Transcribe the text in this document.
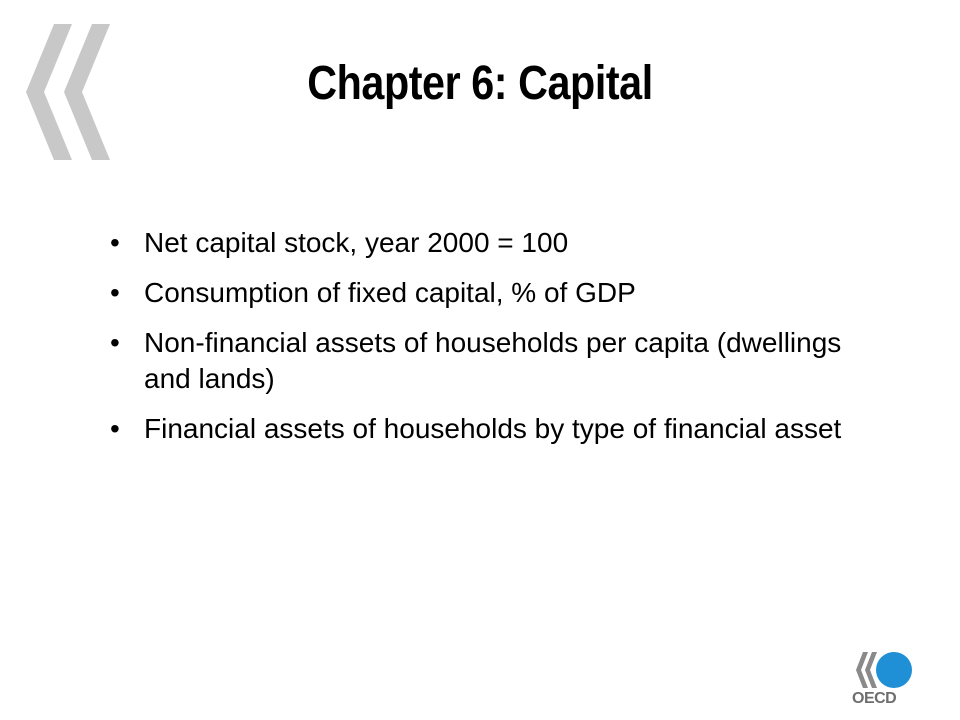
Chapter 6: Capital
• Net capital stock, year 2000 = 100
• Consumption of fixed capital, % of GDP
• Non-financial assets of households per capita (dwellings and lands)
• Financial assets of households by type of financial asset
OECD
